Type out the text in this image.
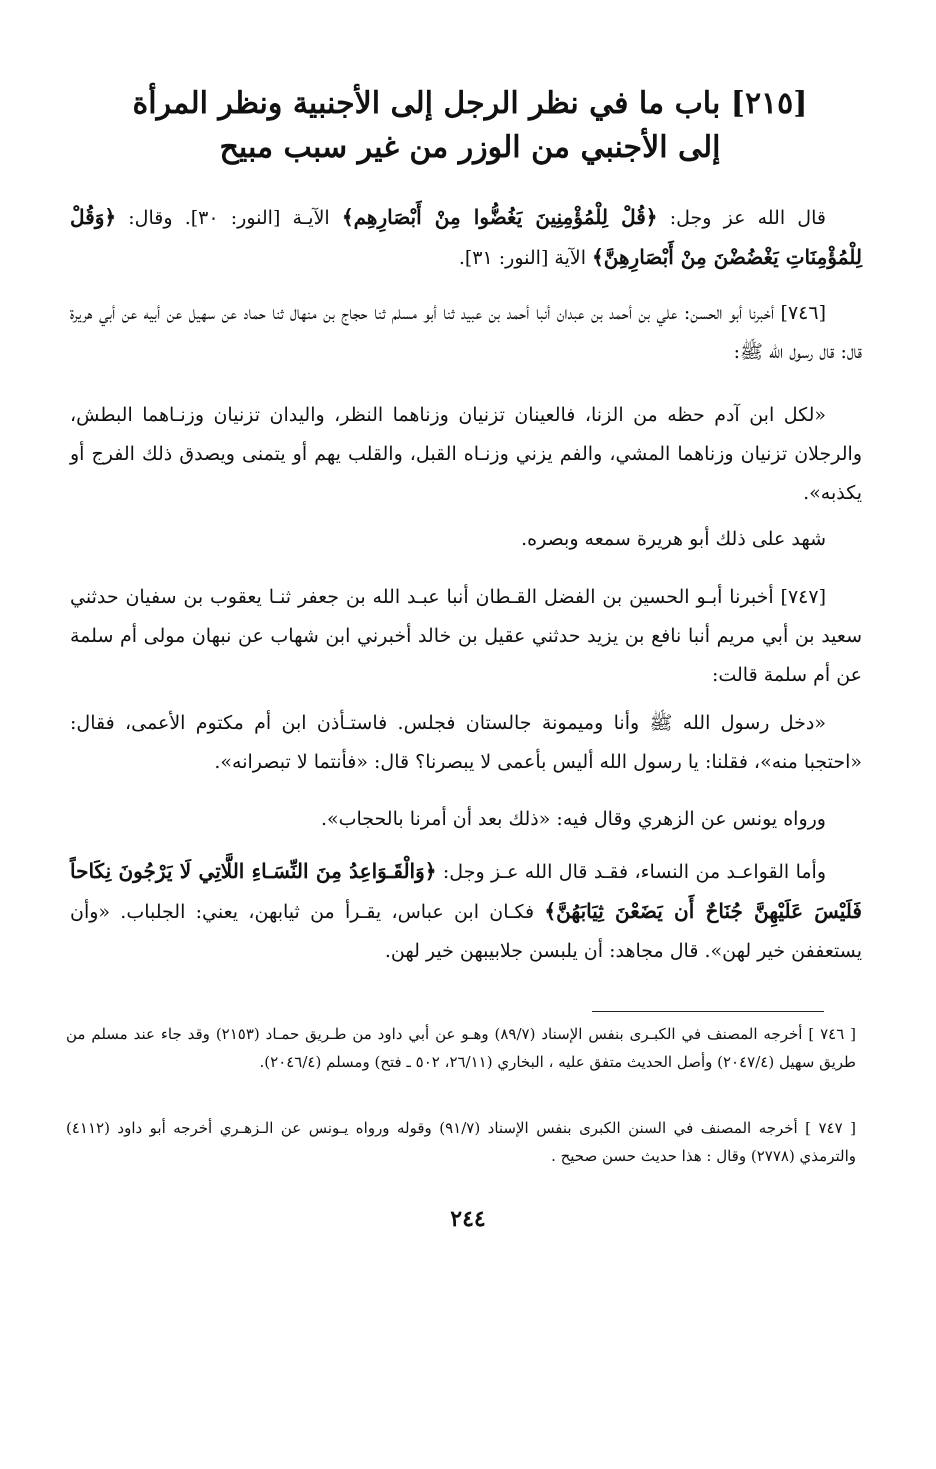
[٢١٥] باب ما في نظر الرجل إلى الأجنبية ونظر المرأة
إلى الأجنبي من الوزر من غير سبب مبيح
قال الله عز وجل: ﴿قُلْ لِلْمُؤْمِنِينَ يَغُضُّوا مِنْ أَبْصَارِهِم﴾ الآيـة [النور: ٣٠]. وقال: ﴿وَقُلْ لِلْمُؤْمِنَاتِ يَغْضُضْنَ مِنْ أَبْصَارِهِنَّ﴾ الآية [النور: ٣١].

[٧٤٦] أخبرنا أبو الحسن: علي بن أحمد بن عبدان أنبا أحمد بن عبيد ثنا أبو مسلم ثنا حجاج بن منهال ثنا حماد عن سهيل عن أبيه عن أبي هريرة قال: قال رسول الله ﷺ:

«لكل ابن آدم حظه من الزنا، فالعينان تزنيان وزناهما النظر، واليدان تزنيان وزنـاهما البطش، والرجلان تزنيان وزناهما المشي، والفم يزني وزنـاه القبل، والقلب يهم أو يتمنى ويصدق ذلك الفرج أو يكذبه».

شهد على ذلك أبو هريرة سمعه وبصره.

[٧٤٧] أخبرنا أبـو الحسين بن الفضل القـطان أنبا عبـد الله بن جعفر ثنـا يعقوب بن سفيان حدثني سعيد بن أبي مريم أنبا نافع بن يزيد حدثني عقيل بن خالد أخبرني ابن شهاب عن نبهان مولى أم سلمة عن أم سلمة قالت:

«دخل رسول الله ﷺ وأنا وميمونة جالستان فجلس. فاستـأذن ابن أم مكتوم الأعمى، فقال: «احتجبا منه»، فقلنا: يا رسول الله أليس بأعمى لا يبصرنا؟ قال: «فأنتما لا تبصرانه».

ورواه يونس عن الزهري وقال فيه: «ذلك بعد أن أمرنا بالحجاب».

وأما القواعـد من النساء، فقـد قال الله عـز وجل: ﴿وَالْقَـوَاعِدُ مِنَ النِّسَـاءِ اللَّاتِي لَا يَرْجُونَ نِكَاحاً فَلَيْسَ عَلَيْهِنَّ جُنَاحٌ أَن يَضَعْنَ ثِيَابَهُنَّ﴾ فكـان ابن عباس، يقـرأ من ثيابهن، يعني: الجلباب. «وأن يستعففن خير لهن». قال مجاهد: أن يلبسن جلابيبهن خير لهن.

[ ٧٤٦ ] أخرجه المصنف في الكبـرى بنفس الإسناد (٨٩/٧) وهـو عن أبي داود من طـريق حمـاد (٢١٥٣) وقد جاء عند مسلم من طريق سهيل (٢٠٤٧/٤) وأصل الحديث متفق عليه ، البخاري (٢٦/١١، ٥٠٢ ـ فتح) ومسلم (٢٠٤٦/٤).

[ ٧٤٧ ] أخرجه المصنف في السنن الكبرى بنفس الإسناد (٩١/٧) وقوله ورواه يـونس عن الـزهـري أخرجه أبو داود (٤١١٢) والترمذي (٢٧٧٨) وقال : هذا حديث حسن صحيح .

٢٤٤
